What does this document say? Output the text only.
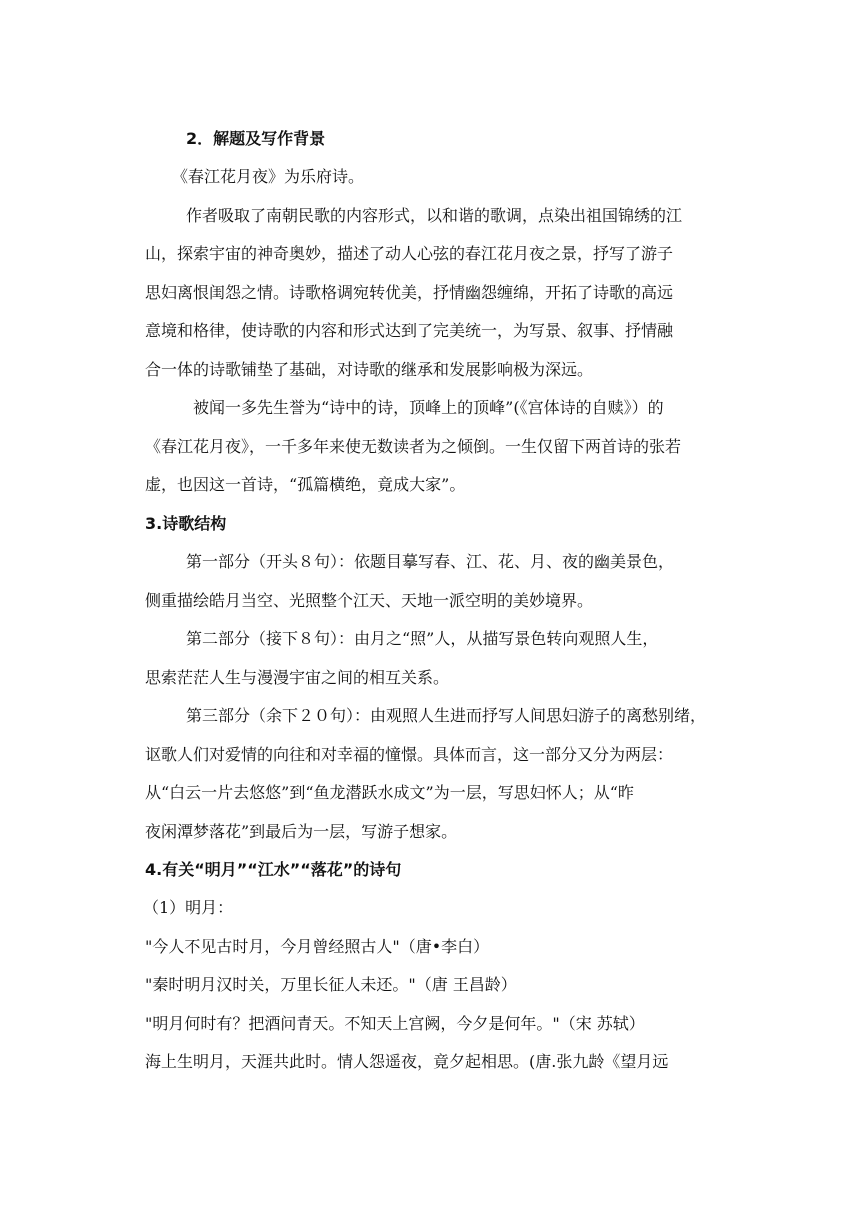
2．解题及写作背景
《春江花月夜》为乐府诗。
作者吸取了南朝民歌的内容形式，以和谐的歌调，点染出祖国锦绣的江
山，探索宇宙的神奇奥妙，描述了动人心弦的春江花月夜之景，抒写了游子
思妇离恨闺怨之情。诗歌格调宛转优美，抒情幽怨缠绵，开拓了诗歌的高远
意境和格律，使诗歌的内容和形式达到了完美统一，为写景、叙事、抒情融
合一体的诗歌铺垫了基础，对诗歌的继承和发展影响极为深远。
被闻一多先生誉为“诗中的诗，顶峰上的顶峰”(《宫体诗的自赎》）的
《春江花月夜》，一千多年来使无数读者为之倾倒。一生仅留下两首诗的张若
虚，也因这一首诗，“孤篇横绝，竟成大家”。
3.诗歌结构
第一部分（开头８句）：依题目摹写春、江、花、月、夜的幽美景色，
侧重描绘皓月当空、光照整个江天、天地一派空明的美妙境界。
第二部分（接下８句）：由月之“照”人，从描写景色转向观照人生，
思索茫茫人生与漫漫宇宙之间的相互关系。
第三部分（余下２０句）：由观照人生进而抒写人间思妇游子的离愁别绪，
讴歌人们对爱情的向往和对幸福的憧憬。具体而言，这一部分又分为两层：
从“白云一片去悠悠”到“鱼龙潜跃水成文”为一层，写思妇怀人；从“昨
夜闲潭梦落花”到最后为一层，写游子想家。
4.有关“明月”“江水”“落花”的诗句
（1）明月：
"今人不见古时月，今月曾经照古人"（唐•李白）
"秦时明月汉时关，万里长征人未还。"（唐 王昌龄）
"明月何时有？把酒问青天。不知天上宫阙，今夕是何年。"（宋 苏轼）
海上生明月，天涯共此时。情人怨遥夜，竟夕起相思。(唐.张九龄《望月远
